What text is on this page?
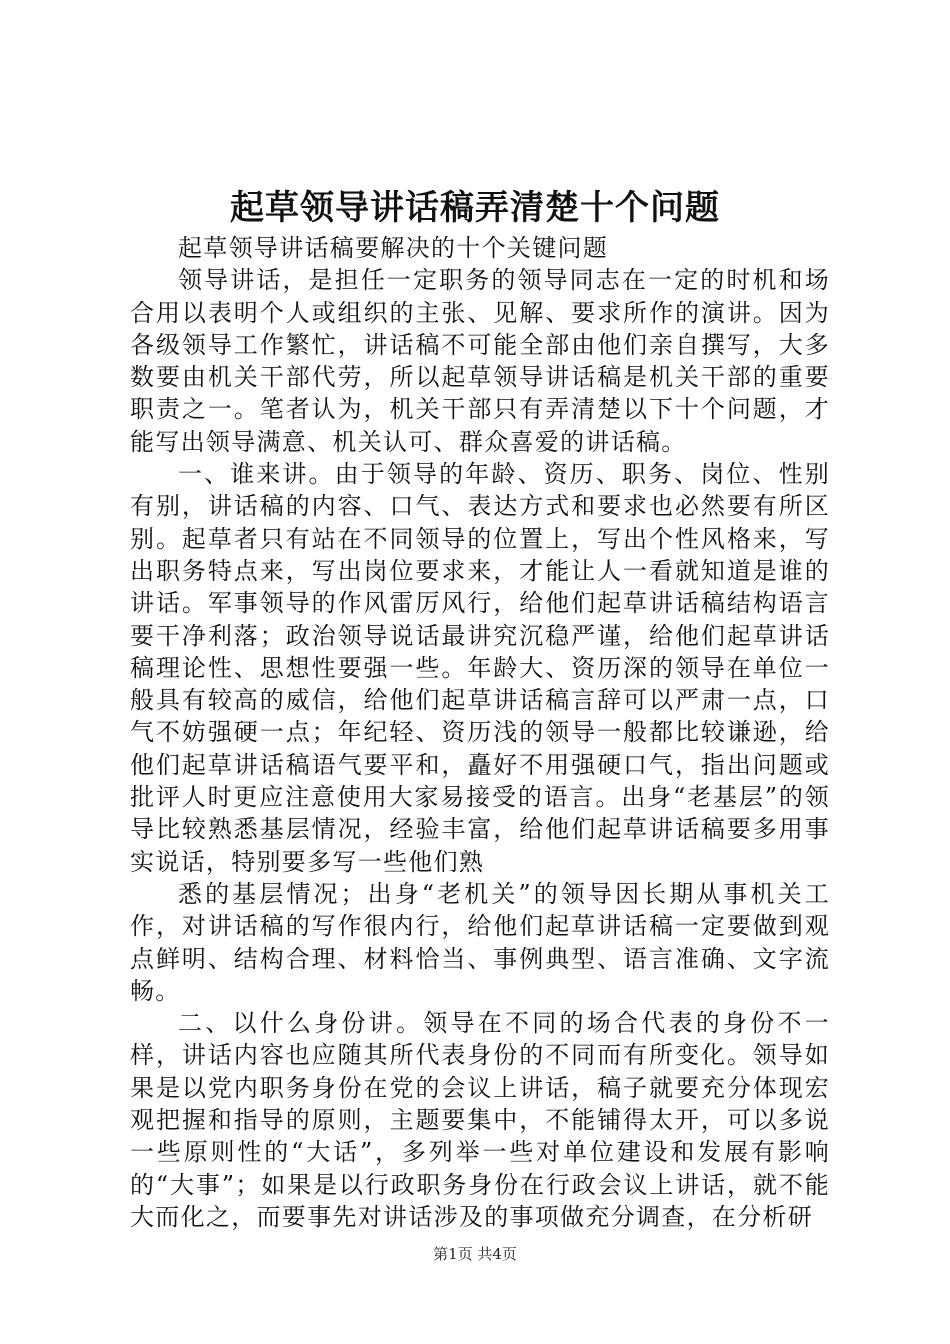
起草领导讲话稿弄清楚十个问题

起草领导讲话稿要解决的十个关键问题

领导讲话，是担任一定职务的领导同志在一定的时机和场合用以表明个人或组织的主张、见解、要求所作的演讲。因为各级领导工作繁忙，讲话稿不可能全部由他们亲自撰写，大多数要由机关干部代劳，所以起草领导讲话稿是机关干部的重要职责之一。笔者认为，机关干部只有弄清楚以下十个问题，才能写出领导满意、机关认可、群众喜爱的讲话稿。

一、谁来讲。由于领导的年龄、资历、职务、岗位、性别有别，讲话稿的内容、口气、表达方式和要求也必然要有所区别。起草者只有站在不同领导的位置上，写出个性风格来，写出职务特点来，写出岗位要求来，才能让人一看就知道是谁的讲话。军事领导的作风雷厉风行，给他们起草讲话稿结构语言要干净利落；政治领导说话最讲究沉稳严谨，给他们起草讲话稿理论性、思想性要强一些。年龄大、资历深的领导在单位一般具有较高的威信，给他们起草讲话稿言辞可以严肃一点，口气不妨强硬一点；年纪轻、资历浅的领导一般都比较谦逊，给他们起草讲话稿语气要平和，矗好不用强硬口气，指出问题或批评人时更应注意使用大家易接受的语言。出身“老基层”的领导比较熟悉基层情况，经验丰富，给他们起草讲话稿要多用事实说话，特别要多写一些他们熟

悉的基层情况；出身“老机关”的领导因长期从事机关工作，对讲话稿的写作很内行，给他们起草讲话稿一定要做到观点鲜明、结构合理、材料恰当、事例典型、语言准确、文字流畅。

二、以什么身份讲。领导在不同的场合代表的身份不一样，讲话内容也应随其所代表身份的不同而有所变化。领导如果是以党内职务身份在党的会议上讲话，稿子就要充分体现宏观把握和指导的原则，主题要集中，不能铺得太开，可以多说一些原则性的“大话”，多列举一些对单位建设和发展有影响的“大事”；如果是以行政职务身份在行政会议上讲话，就不能大而化之，而要事先对讲话涉及的事项做充分调查，在分析研

第1页 共4页
